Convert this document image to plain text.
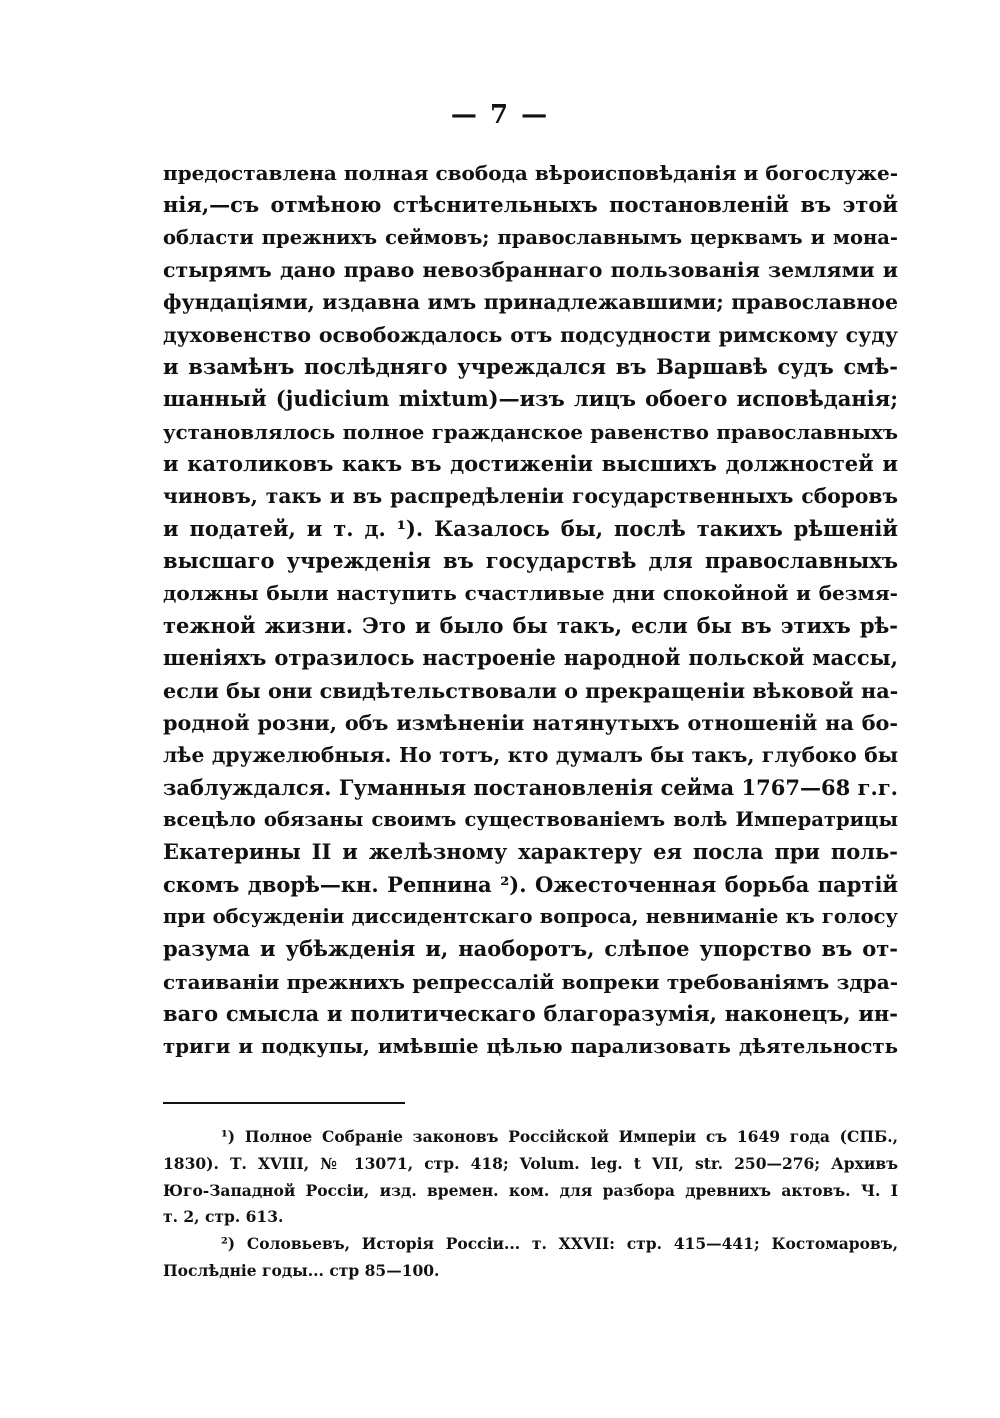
— 7 —
предоставлена полная свобода вѣроисповѣданія и богослуже-
нія,—съ отмѣною стѣснительныхъ постановленій въ этой
области прежнихъ сеймовъ; православнымъ церквамъ и мона-
стырямъ дано право невозбраннаго пользованія землями и
фундаціями, издавна имъ принадлежавшими; православное
духовенство освобождалось отъ подсудности римскому суду
и взамѣнъ послѣдняго учреждался въ Варшавѣ судъ смѣ-
шанный (judicium mixtum)—изъ лицъ обоего исповѣданія;
установлялось полное гражданское равенство православныхъ
и католиковъ какъ въ достиженіи высшихъ должностей и
чиновъ, такъ и въ распредѣленіи государственныхъ сборовъ
и податей, и т. д. ¹). Казалось бы, послѣ такихъ рѣшеній
высшаго учрежденія въ государствѣ для православныхъ
должны были наступить счастливые дни спокойной и безмя-
тежной жизни. Это и было бы такъ, если бы въ этихъ рѣ-
шеніяхъ отразилось настроеніе народной польской массы,
если бы они свидѣтельствовали о прекращеніи вѣковой на-
родной розни, объ измѣненіи натянутыхъ отношеній на бо-
лѣе дружелюбныя. Но тотъ, кто думалъ бы такъ, глубоко бы
заблуждался. Гуманныя постановленія сейма 1767—68 г.г.
всецѣло обязаны своимъ существованіемъ волѣ Императрицы
Екатерины II и желѣзному характеру ея посла при поль-
скомъ дворѣ—кн. Репнина ²). Ожесточенная борьба партій
при обсужденіи диссидентскаго вопроса, невниманіе къ голосу
разума и убѣжденія и, наоборотъ, слѣпое упорство въ от-
стаиваніи прежнихъ репрессалій вопреки требованіямъ здра-
ваго смысла и политическаго благоразумія, наконецъ, ин-
триги и подкупы, имѣвшіе цѣлью парализовать дѣятельность
¹) Полное Собраніе законовъ Россійской Имперіи съ 1649 года (СПБ.,
1830). Т. XVIII, № 13071, стр. 418; Volum. leg. t VII, str. 250—276; Архивъ
Юго-Западной Россіи, изд. времен. ком. для разбора древнихъ актовъ. Ч. I
т. 2, стр. 613.
²) Соловьевъ, Исторія Россіи... т. XXVII: стр. 415—441; Костомаровъ,
Послѣдніе годы... стр 85—100.
